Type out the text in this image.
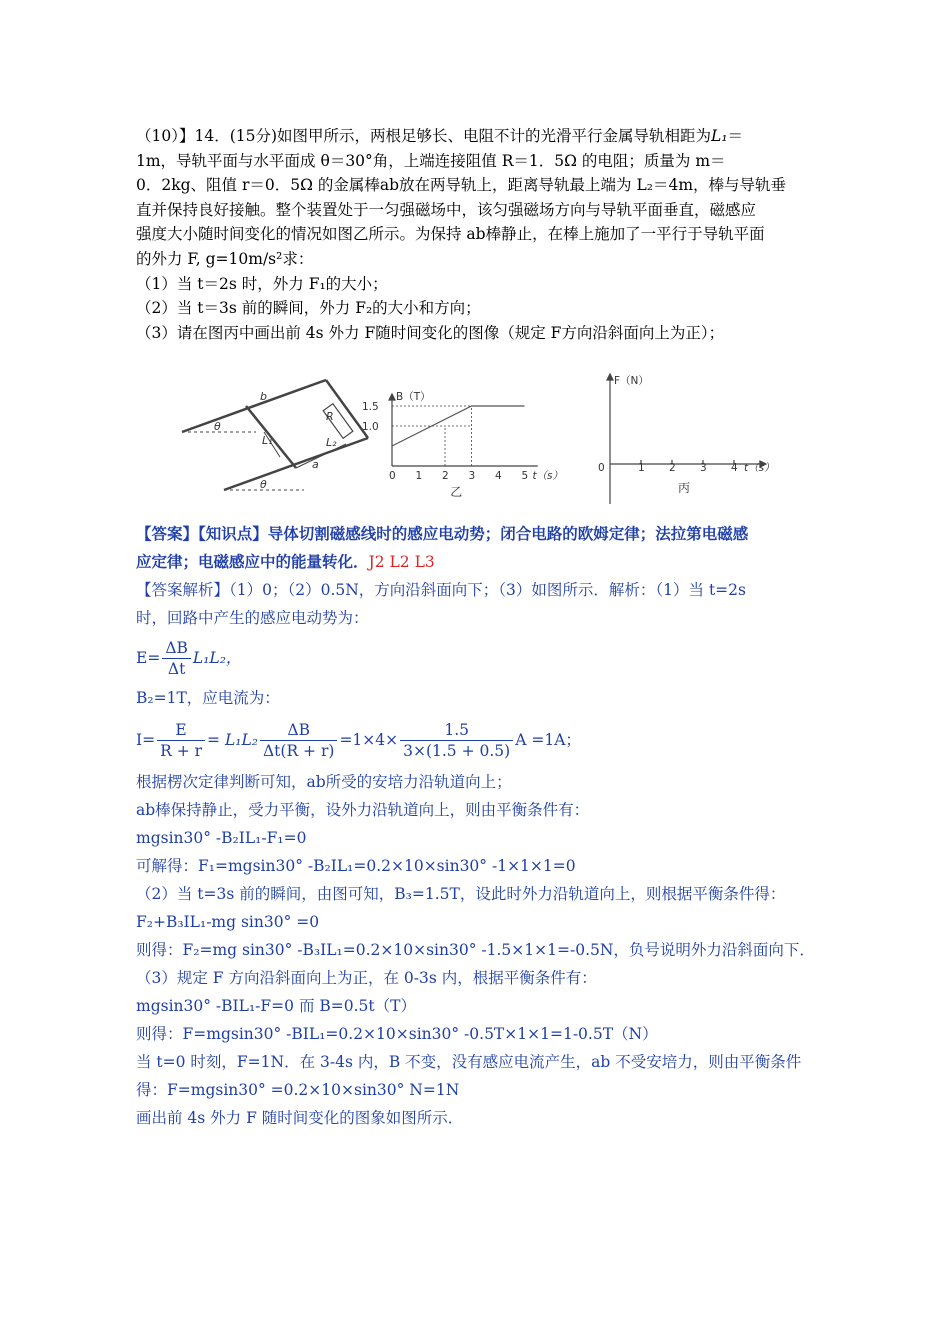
（10）】14．(15分)如图甲所示，两根足够长、电阻不计的光滑平行金属导轨相距为L₁＝

1m，导轨平面与水平面成 θ＝30°角，上端连接阻值 R＝1．5Ω 的电阻；质量为 m＝

0．2kg、阻值 r＝0．5Ω 的金属棒ab放在两导轨上，距离导轨最上端为 L₂＝4m，棒与导轨垂

直并保持良好接触。整个装置处于一匀强磁场中，该匀强磁场方向与导轨平面垂直，磁感应

强度大小随时间变化的情况如图乙所示。为保持 ab棒静止，在棒上施加了一平行于导轨平面

的外力 F, g=10m/s²求：

（1）当 t＝2s 时，外力 F₁的大小；

（2）当 t＝3s 前的瞬间，外力 F₂的大小和方向；

（3）请在图丙中画出前 4s 外力 F随时间变化的图像（规定 F方向沿斜面向上为正）；

b
R
θ
L₁	L₂
a
θ
0 1 2 3 4 5
1.5
1.0
B（T）
t（s）
乙
0	1 2 3 4
F（N）
t（s）
丙

【答案】【知识点】导体切割磁感线时的感应电动势；闭合电路的欧姆定律；法拉第电磁感

应定律；电磁感应中的能量转化．J2 L2 L3

【答案解析】（1）0；（2）0.5N，方向沿斜面向下；（3）如图所示．解析：（1）当 t=2s

时，回路中产生的感应电动势为：

$E= \frac{\Delta B}{\Delta t} L_1L_2$，

B₂=1T，应电流为：

$I= \frac{E}{R + r} = L_1L_2 \frac{\Delta B}{\Delta t(R + r)} =1\times 4\times \frac{1.5}{3\times(1.5 + 0.5)}$ A =1A；

根据楞次定律判断可知，ab所受的安培力沿轨道向上；

ab棒保持静止，受力平衡，设外力沿轨道向上，则由平衡条件有：

mgsin30° -B₂IL₁-F₁=0

可解得：F₁=mgsin30° -B₂IL₁=0.2×10×sin30° -1×1×1=0

（2）当 t=3s 前的瞬间，由图可知，B₃=1.5T，设此时外力沿轨道向上，则根据平衡条件得：

F₂+B₃IL₁-mg sin30° =0

则得：F₂=mg sin30° -B₃IL₁=0.2×10×sin30° -1.5×1×1=-0.5N，负号说明外力沿斜面向下．

（3）规定 F 方向沿斜面向上为正，在 0-3s 内，根据平衡条件有：

mgsin30° -BIL₁-F=0 而 B=0.5t（T）

则得：F=mgsin30° -BIL₁=0.2×10×sin30° -0.5T×1×1=1-0.5T（N）

当 t=0 时刻，F=1N．在 3-4s 内，B 不变，没有感应电流产生，ab 不受安培力，则由平衡条件

得：F=mgsin30° =0.2×10×sin30° N=1N

画出前 4s 外力 F 随时间变化的图象如图所示．
